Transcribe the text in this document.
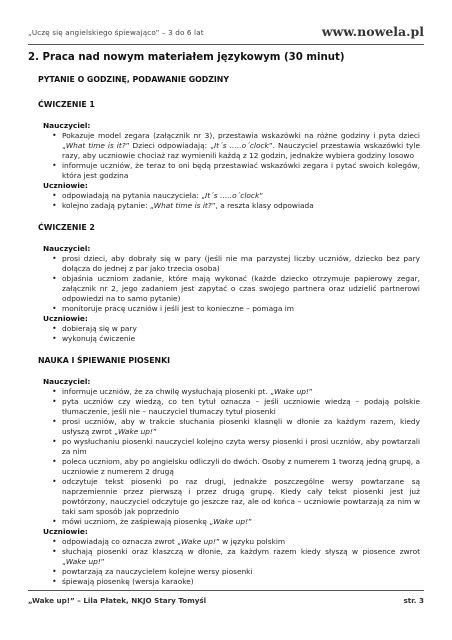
„Uczę się angielskiego śpiewająco” – 3 do 6 lat	www.nowela.pl
2. Praca nad nowym materiałem językowym (30 minut)
PYTANIE O GODZINĘ, PODAWANIE GODZINY
ĆWICZENIE 1
Nauczyciel:
• Pokazuje model zegara (załącznik nr 3), przestawia wskazówki na różne godziny i pyta dzieci „What time is it?” Dzieci odpowiadają: „It´s …..o´clock”. Nauczyciel przestawia wskazówki tyle razy, aby uczniowie chociaż raz wymienili każdą z 12 godzin, jednakże wybiera godziny losowo
• informuje uczniów, że teraz to oni będą przestawiać wskazówki zegara i pytać swoich kolegów, która jest godzina
Uczniowie:
• odpowiadają na pytania nauczyciela: „It´s …..o´clock”
• kolejno zadają pytanie: „What time is it?”, a reszta klasy odpowiada
ĆWICZENIE 2
Nauczyciel:
• prosi dzieci, aby dobrały się w pary (jeśli nie ma parzystej liczby uczniów, dziecko bez pary dołącza do jednej z par jako trzecia osoba)
• objaśnia uczniom zadanie, które mają wykonać (każde dziecko otrzymuje papierowy zegar, załącznik nr 2, jego zadaniem jest zapytać o czas swojego partnera oraz udzielić partnerowi odpowiedzi na to samo pytanie)
• monitoruje pracę uczniów i jeśli jest to konieczne – pomaga im
Uczniowie:
• dobierają się w pary
• wykonują ćwiczenie
NAUKA I ŚPIEWANIE PIOSENKI
Nauczyciel:
• informuje uczniów, że za chwilę wysłuchają piosenki pt. „Wake up!”
• pyta uczniów czy wiedzą, co ten tytuł oznacza – jeśli uczniowie wiedzą – podają polskie tłumaczenie, jeśli nie – nauczyciel tłumaczy tytuł piosenki
• prosi uczniów, aby w trakcie słuchania piosenki klasnęli w dłonie za każdym razem, kiedy usłyszą zwrot „Wake up!”
• po wysłuchaniu piosenki nauczyciel kolejno czyta wersy piosenki i prosi uczniów, aby powtarzali za nim
• poleca uczniom, aby po angielsku odliczyli do dwóch. Osoby z numerem 1 tworzą jedną grupę, a uczniowie z numerem 2 drugą
• odczytuje tekst piosenki po raz drugi, jednakże poszczególne wersy powtarzane są naprzemiennie przez pierwszą i przez drugą grupę. Kiedy cały tekst piosenki jest już powtórzony, nauczyciel odczytuje go jeszcze raz, ale od końca – uczniowie powtarzają za nim w taki sam sposób jak poprzednio
• mówi uczniom, że zaśpiewają piosenkę „Wake up!”
Uczniowie:
• odpowiadają co oznacza zwrot „Wake up!” w języku polskim
• słuchają piosenki oraz klaszczą w dłonie, za każdym razem kiedy słyszą w piosence zwrot „Wake up!”
• powtarzają za nauczycielem kolejne wersy piosenki
• śpiewają piosenkę (wersja karaoke)
„Wake up!” – Lila Płatek, NKJO Stary Tomyśl	str. 3
